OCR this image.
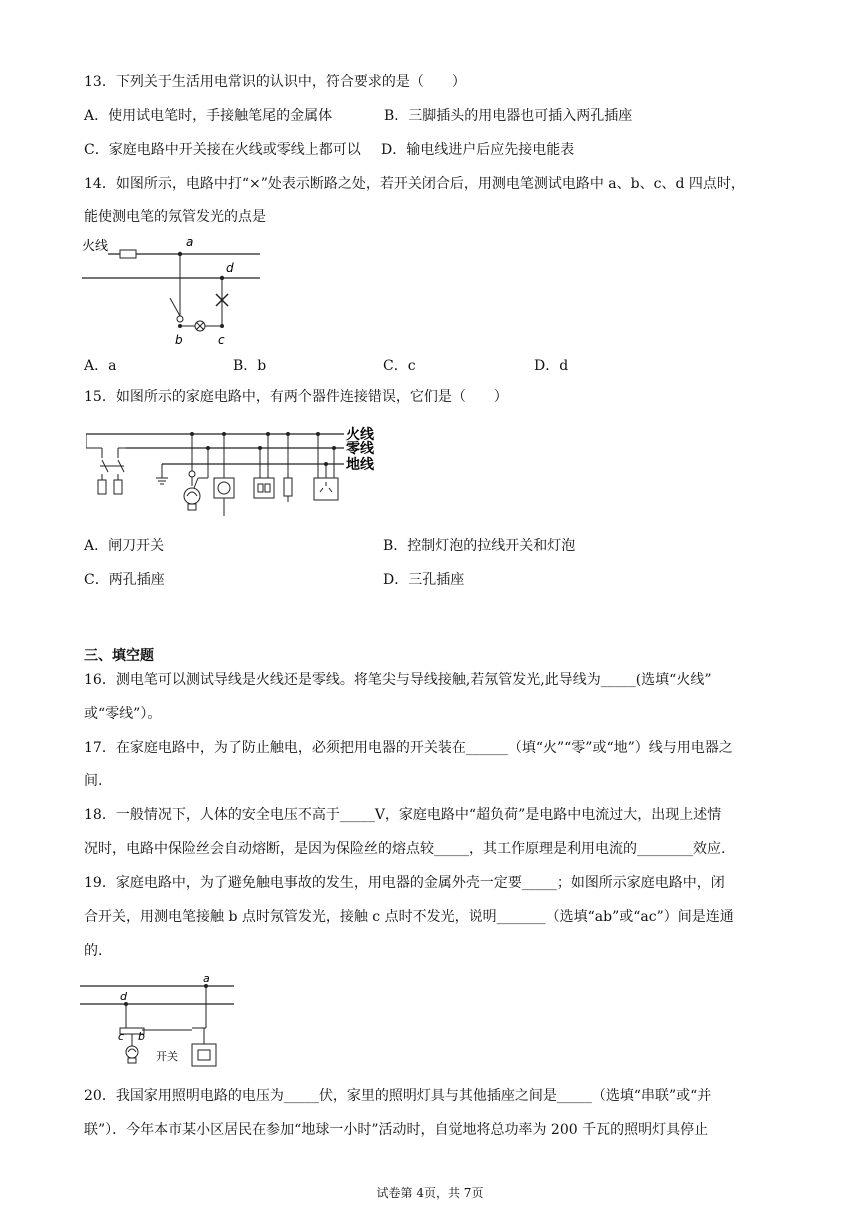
13．下列关于生活用电常识的认识中，符合要求的是（　　）
A．使用试电笔时，手接触笔尾的金属体	B．三脚插头的用电器也可插入两孔插座
C．家庭电路中开关接在火线或零线上都可以 D．输电线进户后应先接电能表
14．如图所示，电路中打“×”处表示断路之处，若开关闭合后，用测电笔测试电路中 a、b、c、d 四点时，
能使测电笔的氖管发光的点是
火线	a
b	c
d
A．a	B．b	C．c	D．d
15．如图所示的家庭电路中，有两个器件连接错误，它们是（　　）
火线
零线
地线
A．闸刀开关	B．控制灯泡的拉线开关和灯泡
C．两孔插座	D．三孔插座
三、填空题
16．测电笔可以测试导线是火线还是零线。将笔尖与导线接触,若氖管发光,此导线为_____(选填“火线”
或“零线”）。
17．在家庭电路中，为了防止触电，必须把用电器的开关装在______（填“火”“零”或“地”）线与用电器之
间.
18．一般情况下，人体的安全电压不高于_____V，家庭电路中“超负荷”是电路中电流过大，出现上述情
况时，电路中保险丝会自动熔断，是因为保险丝的熔点较_____，其工作原理是利用电流的________效应.
19．家庭电路中，为了避免触电事故的发生，用电器的金属外壳一定要_____；如图所示家庭电路中，闭
合开关，用测电笔接触 b 点时氖管发光，接触 c 点时不发光，说明_______（选填“ab”或“ac”）间是连通
的.
a
d
c b
开关
20．我国家用照明电路的电压为_____伏，家里的照明灯具与其他插座之间是_____（选填“串联”或“并
联”）．今年本市某小区居民在参加“地球一小时”活动时，自觉地将总功率为 200 千瓦的照明灯具停止
试卷第 4页，共 7页
